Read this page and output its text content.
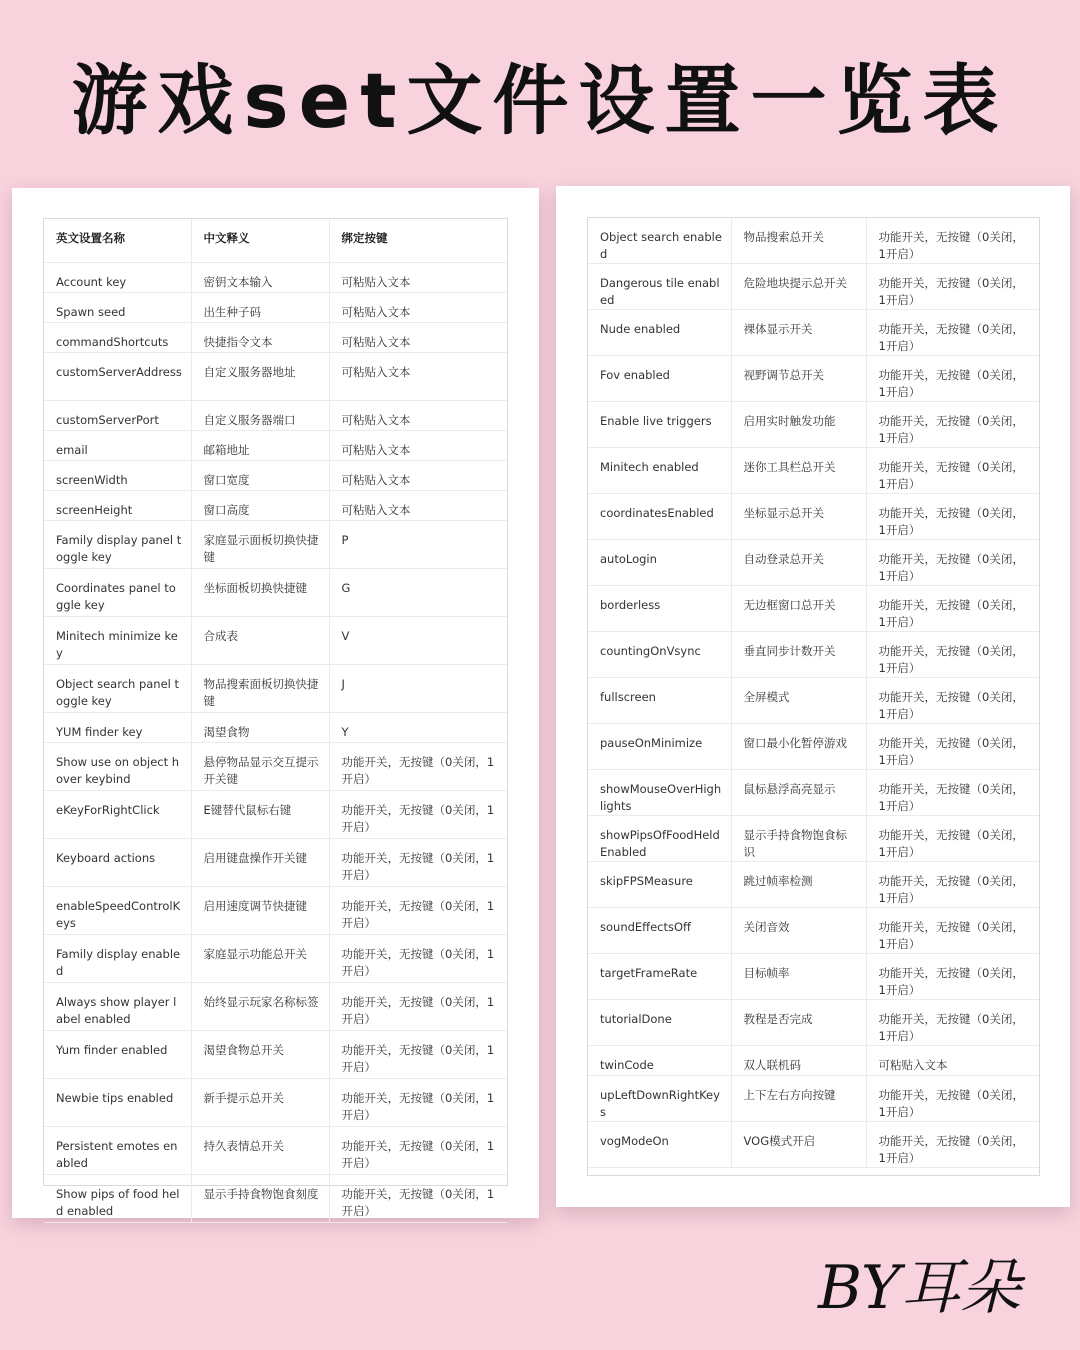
游戏set文件设置一览表
英文设置名称	中文释义	绑定按键
Account key	密钥文本输入	可粘贴入文本
Spawn seed	出生种子码	可粘贴入文本
commandShortcuts	快捷指令文本	可粘贴入文本
customServerAddress	自定义服务器地址	可粘贴入文本
customServerPort	自定义服务器端口	可粘贴入文本
email	邮箱地址	可粘贴入文本
screenWidth	窗口宽度	可粘贴入文本
screenHeight	窗口高度	可粘贴入文本
Family display panel toggle key	家庭显示面板切换快捷键	P
Coordinates panel toggle key	坐标面板切换快捷键	G
Minitech minimize key	合成表	V
Object search panel toggle key	物品搜索面板切换快捷键	J
YUM finder key	渴望食物	Y
Show use on object hover keybind	悬停物品显示交互提示开关键	功能开关，无按键（0关闭，1开启）
eKeyForRightClick	E键替代鼠标右键	功能开关，无按键（0关闭，1开启）
Keyboard actions	启用键盘操作开关键	功能开关，无按键（0关闭，1开启）
enableSpeedControlKeys	启用速度调节快捷键	功能开关，无按键（0关闭，1开启）
Family display enabled	家庭显示功能总开关	功能开关，无按键（0关闭，1开启）
Always show player label enabled	始终显示玩家名称标签	功能开关，无按键（0关闭，1开启）
Yum finder enabled	渴望食物总开关	功能开关，无按键（0关闭，1开启）
Newbie tips enabled	新手提示总开关	功能开关，无按键（0关闭，1开启）
Persistent emotes enabled	持久表情总开关	功能开关，无按键（0关闭，1开启）
Show pips of food held enabled	显示手持食物饱食刻度	功能开关，无按键（0关闭，1开启）
Object search enabled	物品搜索总开关	功能开关，无按键（0关闭，1开启）
Dangerous tile enabled	危险地块提示总开关	功能开关，无按键（0关闭，1开启）
Nude enabled	裸体显示开关	功能开关，无按键（0关闭，1开启）
Fov enabled	视野调节总开关	功能开关，无按键（0关闭，1开启）
Enable live triggers	启用实时触发功能	功能开关，无按键（0关闭，1开启）
Minitech enabled	迷你工具栏总开关	功能开关，无按键（0关闭，1开启）
coordinatesEnabled	坐标显示总开关	功能开关，无按键（0关闭，1开启）
autoLogin	自动登录总开关	功能开关，无按键（0关闭，1开启）
borderless	无边框窗口总开关	功能开关，无按键（0关闭，1开启）
countingOnVsync	垂直同步计数开关	功能开关，无按键（0关闭，1开启）
fullscreen	全屏模式	功能开关，无按键（0关闭，1开启）
pauseOnMinimize	窗口最小化暂停游戏	功能开关，无按键（0关闭，1开启）
showMouseOverHighlights	鼠标悬浮高亮显示	功能开关，无按键（0关闭，1开启）
showPipsOfFoodHeldEnabled	显示手持食物饱食标识	功能开关，无按键（0关闭，1开启）
skipFPSMeasure	跳过帧率检测	功能开关，无按键（0关闭，1开启）
soundEffectsOff	关闭音效	功能开关，无按键（0关闭，1开启）
targetFrameRate	目标帧率	功能开关，无按键（0关闭，1开启）
tutorialDone	教程是否完成	功能开关，无按键（0关闭，1开启）
twinCode	双人联机码	可粘贴入文本
upLeftDownRightKeys	上下左右方向按键	功能开关，无按键（0关闭，1开启）
vogModeOn	VOG模式开启	功能开关，无按键（0关闭，1开启）
BY耳朵
